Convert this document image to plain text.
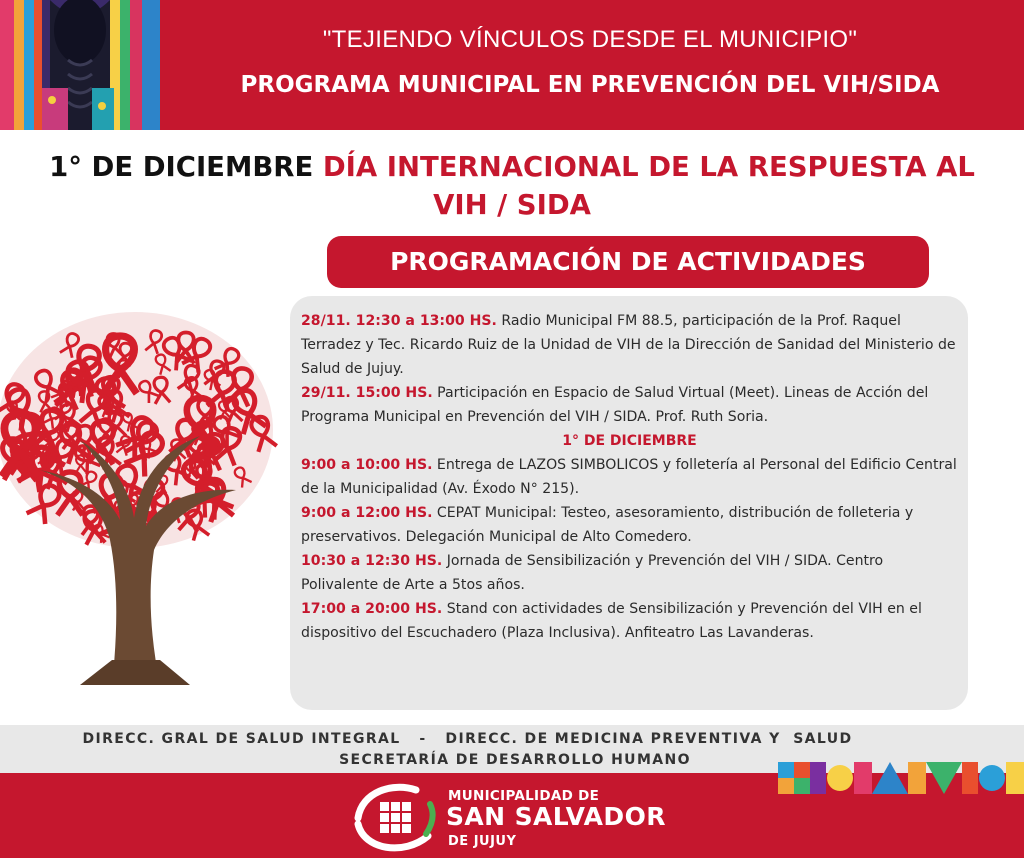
"TEJIENDO VÍNCULOS DESDE EL MUNICIPIO"
PROGRAMA MUNICIPAL EN PREVENCIÓN DEL VIH/SIDA
1° DE DICIEMBRE DÍA INTERNACIONAL DE LA RESPUESTA AL
VIH / SIDA
PROGRAMACIÓN DE ACTIVIDADES
28/11. 12:30 a 13:00 HS. Radio Municipal FM 88.5, participación de la Prof. Raquel Terradez y Tec. Ricardo Ruiz de la Unidad de VIH de la Dirección de Sanidad del Ministerio de Salud de Jujuy.
29/11. 15:00 HS. Participación en Espacio de Salud Virtual (Meet). Lineas de Acción del Programa Municipal en Prevención del VIH / SIDA. Prof. Ruth Soria.
1° DE DICIEMBRE
9:00 a 10:00 HS. Entrega de LAZOS SIMBOLICOS y folletería al Personal del Edificio Central de la Municipalidad (Av. Éxodo N° 215).
9:00 a 12:00 HS. CEPAT Municipal: Testeo, asesoramiento, distribución de folleteria y preservativos. Delegación Municipal de Alto Comedero.
10:30 a 12:30 HS. Jornada de Sensibilización y Prevención del VIH / SIDA. Centro Polivalente de Arte a 5tos años.
17:00 a 20:00 HS. Stand con actividades de Sensibilización y Prevención del VIH en el dispositivo del Escuchadero (Plaza Inclusiva). Anfiteatro Las Lavanderas.
DIRECC. GRAL DE SALUD INTEGRAL   -   DIRECC. DE MEDICINA PREVENTIVA Y  SALUD
SECRETARÍA DE DESARROLLO HUMANO
MUNICIPALIDAD DE
SAN SALVADOR
DE JUJUY
